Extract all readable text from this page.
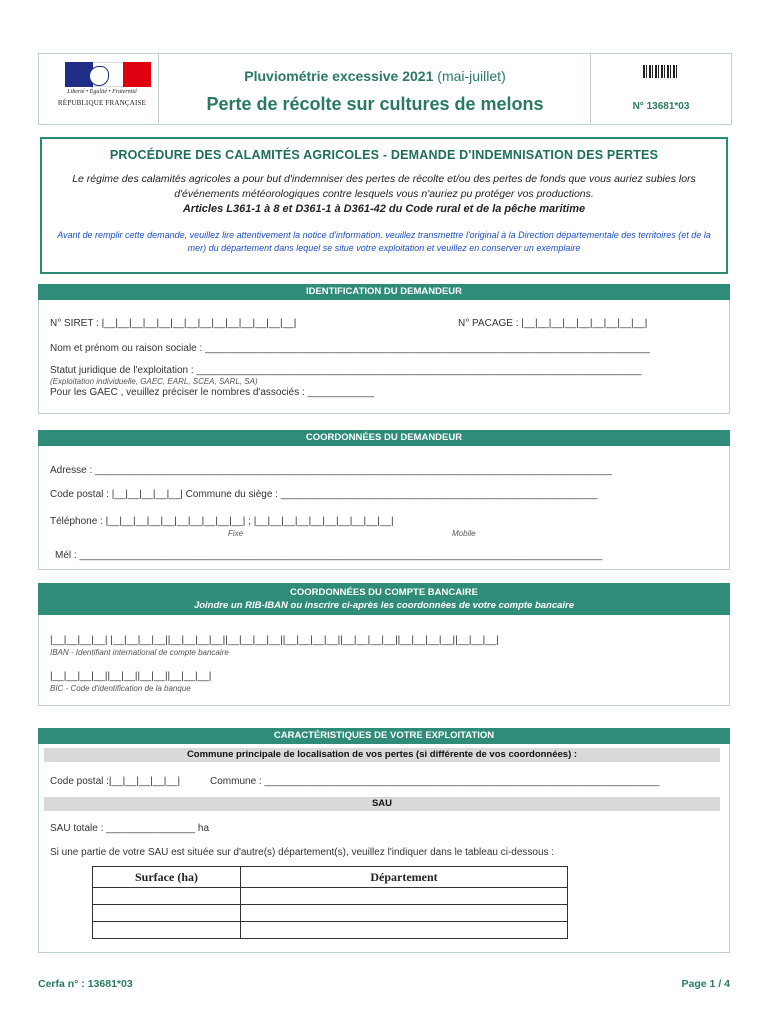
Liberté • Égalité • Fraternité
RÉPUBLIQUE FRANÇAISE
Pluviométrie excessive 2021 (mai-juillet)
Perte de récolte sur cultures de melons	N° 13681*03
PROCÉDURE DES CALAMITÉS AGRICOLES - DEMANDE D'INDEMNISATION DES PERTES
Le régime des calamités agricoles a pour but d'indemniser des pertes de récolte et/ou des pertes de fonds que vous auriez subies lors d'événements météorologiques contre lesquels vous n'auriez pu protéger vos productions.
Articles L361-1 à 8 et D361-1 à D361-42 du Code rural et de la pêche maritime
Avant de remplir cette demande, veuillez lire attentivement la notice d'information. veuillez transmettre l'original à la Direction départementale des territoires (et de la mer) du département dans lequel se situe votre exploitation et veuillez en conserver un exemplaire
IDENTIFICATION DU DEMANDEUR
N° SIRET : |__|__|__|__|__|__|__|__|__|__|__|__|__|__|	N° PACAGE : |__|__|__|__|__|__|__|__|__|
Nom et prénom ou raison sociale : ________________________________________________________________________________
Statut juridique de l'exploitation : ________________________________________________________________________________
(Exploitation individuelle, GAEC, EARL, SCEA, SARL, SA)
Pour les GAEC , veuillez préciser le nombres d'associés : ____________
COORDONNÉES DU DEMANDEUR
Adresse : _____________________________________________________________________________________________
Code postal : |__|__|__|__|__| Commune du siège : _________________________________________________________
Téléphone : |__|__|__|__|__|__|__|__|__|__| ; |__|__|__|__|__|__|__|__|__|__|
Fixe	Mobile
Mél : ______________________________________________________________________________________________
COORDONNÉES DU COMPTE BANCAIRE
Joindre un RIB-IBAN ou inscrire ci-après les coordonnées de votre compte bancaire
|__|__|__|__| |__|__|__|__||__|__|__|__||__|__|__|__||__|__|__|__||__|__|__|__||__|__|__|__||__|__|__|
IBAN - Identifiant international de compte bancaire
|__|__|__|__||__|__||__|__||__|__|__|
BIC - Code d'identification de la banque
CARACTÉRISTIQUES DE VOTRE EXPLOITATION
Commune principale de localisation de vos pertes (si différente de vos coordonnées) :
Code postal :|__|__|__|__|__|	Commune : _______________________________________________________________________
SAU
SAU totale : ________________ ha
Si une partie de votre SAU est située sur d'autre(s) département(s), veuillez l'indiquer dans le tableau ci-dessous :
Surface (ha)	Département

Cerfa n° : 13681*03	Page 1 / 4
